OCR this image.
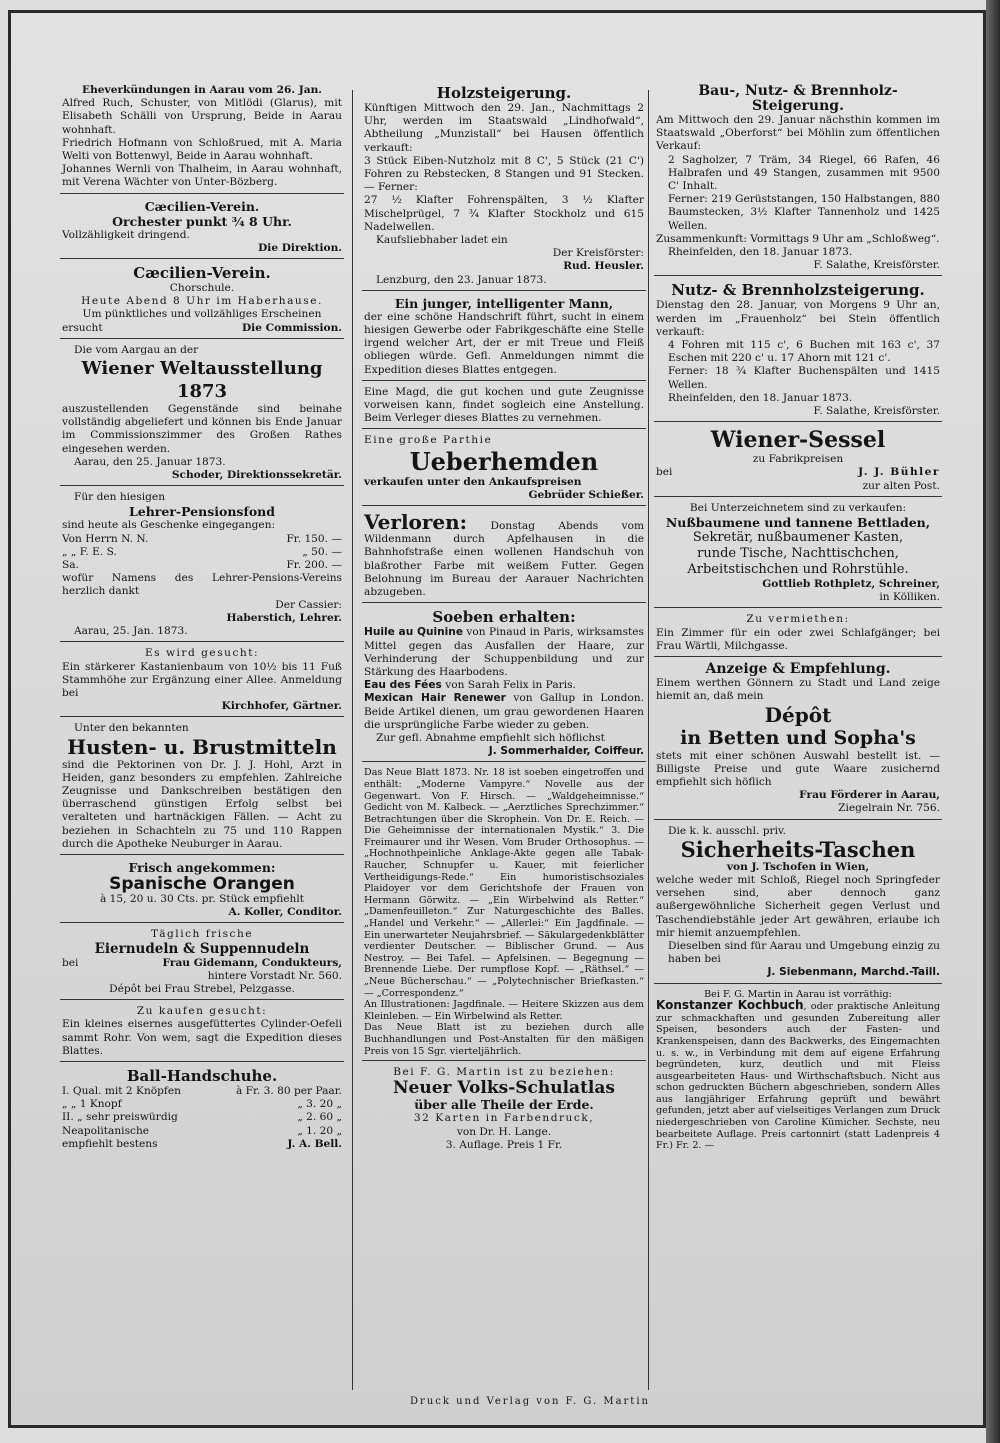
Eheverkündungen in Aarau vom 26. Jan.
Alfred Ruch, Schuster, von Mitlödi (Glarus), mit Elisabeth Schälli von Ursprung, Beide in Aarau wohnhaft.
Friedrich Hofmann von Schloßrued, mit A. Maria Welti von Bottenwyl, Beide in Aarau wohnhaft.
Johannes Wernli von Thalheim, in Aarau wohnhaft, mit Verena Wächter von Unter-Bözberg.
Cæcilien-Verein.
Orchester punkt ¾ 8 Uhr.
Vollzähligkeit dringend.
Die Direktion.
Cæcilien-Verein.
Chorschule.
Heute Abend 8 Uhr im Haberhause.
Um pünktliches und vollzähliges Erscheinen
ersucht	Die Commission.
Die vom Aargau an der
Wiener Weltausstellung 1873
auszustellenden Gegenstände sind beinahe vollständig abgeliefert und können bis Ende Januar im Commissionszimmer des Großen Rathes eingesehen werden.
Aarau, den 25. Januar 1873.
Schoder, Direktionssekretär.
Für den hiesigen
Lehrer-Pensionsfond
sind heute als Geschenke eingegangen:
Von Herrn N. N.	Fr. 150. —
„ „ F. E. S.	„ 50. —
Sa.	Fr. 200. —
wofür Namens des Lehrer-Pensions-Vereins herzlich dankt
Der Cassier:
Haberstich, Lehrer.
Aarau, 25. Jan. 1873.
Es wird gesucht:
Ein stärkerer Kastanienbaum von 10½ bis 11 Fuß Stammhöhe zur Ergänzung einer Allee. Anmeldung bei
Kirchhofer, Gärtner.
Unter den bekannten
Husten- u. Brustmitteln
sind die Pektorinen von Dr. J. J. Hohl, Arzt in Heiden, ganz besonders zu empfehlen. Zahlreiche Zeugnisse und Dankschreiben bestätigen den überraschend günstigen Erfolg selbst bei veralteten und hartnäckigen Fällen. — Acht zu beziehen in Schachteln zu 75 und 110 Rappen durch die Apotheke Neuburger in Aarau.
Frisch angekommen:
Spanische Orangen
à 15, 20 u. 30 Cts. pr. Stück empfiehlt
A. Koller, Conditor.
Täglich frische
Eiernudeln & Suppennudeln
bei	Frau Gidemann, Condukteurs,
hintere Vorstadt Nr. 560.
Dépôt bei Frau Strebel, Pelzgasse.
Zu kaufen gesucht:
Ein kleines eisernes ausgefüttertes Cylinder-Oefeli sammt Rohr. Von wem, sagt die Expedition dieses Blattes.
Ball-Handschuhe.
I. Qual. mit 2 Knöpfen	à Fr. 3. 80 per Paar.
„ „ 1 Knopf	„ 3. 20 „
II. „ sehr preiswürdig	„ 2. 60 „
Neapolitanische	„ 1. 20 „
empfiehlt bestens	J. A. Bell.
Holzsteigerung.
Künftigen Mittwoch den 29. Jan., Nachmittags 2 Uhr, werden im Staatswald „Lindhofwald“, Abtheilung „Munzistall“ bei Hausen öffentlich verkauft:
3 Stück Eiben-Nutzholz mit 8 C', 5 Stück (21 C') Fohren zu Rebstecken, 8 Stangen und 91 Stecken. — Ferner:
27 ½ Klafter Fohrenspälten, 3 ½ Klafter Mischelprügel, 7 ¾ Klafter Stockholz und 615 Nadelwellen.
Kaufsliebhaber ladet ein
Der Kreisförster:
Rud. Heusler.
Lenzburg, den 23. Januar 1873.
Ein junger, intelligenter Mann,
der eine schöne Handschrift führt, sucht in einem hiesigen Gewerbe oder Fabrikgeschäfte eine Stelle irgend welcher Art, der er mit Treue und Fleiß obliegen würde. Gefl. Anmeldungen nimmt die Expedition dieses Blattes entgegen.
Eine Magd, die gut kochen und gute Zeugnisse vorweisen kann, findet sogleich eine Anstellung. Beim Verleger dieses Blattes zu vernehmen.
Eine große Parthie
Ueberhemden
verkaufen unter den Ankaufspreisen
Gebrüder Schießer.
Verloren: Donstag Abends vom Wildenmann durch Apfelhausen in die Bahnhofstraße einen wollenen Handschuh von blaßrother Farbe mit weißem Futter. Gegen Belohnung im Bureau der Aarauer Nachrichten abzugeben.
Soeben erhalten:
Huile au Quinine von Pinaud in Paris, wirksamstes Mittel gegen das Ausfallen der Haare, zur Verhinderung der Schuppenbildung und zur Stärkung des Haarbodens.
Eau des Fées von Sarah Felix in Paris.
Mexican Hair Renewer von Gallup in London. Beide Artikel dienen, um grau gewordenen Haaren die ursprüngliche Farbe wieder zu geben.
Zur gefl. Abnahme empfiehlt sich höflichst
J. Sommerhalder, Coiffeur.
Das Neue Blatt 1873. Nr. 18 ist soeben eingetroffen und enthält: „Moderne Vampyre.“ Novelle aus der Gegenwart. Von F. Hirsch. — „Waldgeheimnisse.“ Gedicht von M. Kalbeck. — „Aerztliches Sprechzimmer.“ Betrachtungen über die Skrophein. Von Dr. E. Reich. — Die Geheimnisse der internationalen Mystik.“ 3. Die Freimaurer und ihr Wesen. Vom Bruder Orthosophus. — „Hochnothpeinliche Anklage-Akte gegen alle Tabak-Raucher, Schnupfer u. Kauer, mit feierlicher Vertheidigungs-Rede.“ Ein humoristischsoziales Plaidoyer vor dem Gerichtshofe der Frauen von Hermann Görwitz. — „Ein Wirbelwind als Retter.“ „Damenfeuilleton.“ Zur Naturgeschichte des Balles. „Handel und Verkehr.“ — „Allerlei:“ Ein Jagdfinale. — Ein unerwarteter Neujahrsbrief. — Säkulargedenkblätter verdienter Deutscher. — Biblischer Grund. — Aus Nestroy. — Bei Tafel. — Apfelsinen. — Begegnung — Brennende Liebe. Der rumpflose Kopf. — „Räthsel.“ — „Neue Bücherschau.“ — „Polytechnischer Briefkasten.“ — „Correspondenz.“
An Illustrationen: Jagdfinale. — Heitere Skizzen aus dem Kleinleben. — Ein Wirbelwind als Retter.
Das Neue Blatt ist zu beziehen durch alle Buchhandlungen und Post-Anstalten für den mäßigen Preis von 15 Sgr. vierteljährlich.
Bei F. G. Martin ist zu beziehen:
Neuer Volks-Schulatlas
über alle Theile der Erde.
32 Karten in Farbendruck,
von Dr. H. Lange.
3. Auflage. Preis 1 Fr.
Bau-, Nutz- & Brennholz-
Steigerung.
Am Mittwoch den 29. Januar nächsthin kommen im Staatswald „Oberforst“ bei Möhlin zum öffentlichen Verkauf:
2 Sagholzer, 7 Träm, 34 Riegel, 66 Rafen, 46 Halbrafen und 49 Stangen, zusammen mit 9500 C' Inhalt.
Ferner: 219 Gerüststangen, 150 Halbstangen, 880 Baumstecken, 3½ Klafter Tannenholz und 1425 Wellen.
Zusammenkunft: Vormittags 9 Uhr am „Schloßweg“.
Rheinfelden, den 18. Januar 1873.
F. Salathe, Kreisförster.
Nutz- & Brennholzsteigerung.
Dienstag den 28. Januar, von Morgens 9 Uhr an, werden im „Frauenholz“ bei Stein öffentlich verkauft:
4 Fohren mit 115 c', 6 Buchen mit 163 c', 37 Eschen mit 220 c' u. 17 Ahorn mit 121 c'.
Ferner: 18 ¾ Klafter Buchenspälten und 1415 Wellen.
Rheinfelden, den 18. Januar 1873.
F. Salathe, Kreisförster.
Wiener-Sessel
zu Fabrikpreisen
bei	J. J. Bühler
zur alten Post.
Bei Unterzeichnetem sind zu verkaufen:
Nußbaumene und tannene Bettladen,
Sekretär, nußbaumener Kasten,
runde Tische, Nachttischchen, Arbeitstischchen und Rohrstühle.
Gottlieb Rothpletz, Schreiner,
in Kölliken.
Zu vermiethen:
Ein Zimmer für ein oder zwei Schlafgänger; bei Frau Wärtli, Milchgasse.
Anzeige & Empfehlung.
Einem werthen Gönnern zu Stadt und Land zeige hiemit an, daß mein
Dépôt
in Betten und Sopha's
stets mit einer schönen Auswahl bestellt ist. — Billigste Preise und gute Waare zusichernd empfiehlt sich höflich
Frau Förderer in Aarau,
Ziegelrain Nr. 756.
Die k. k. ausschl. priv.
Sicherheits-Taschen
von J. Tschofen in Wien,
welche weder mit Schloß, Riegel noch Springfeder versehen sind, aber dennoch ganz außergewöhnliche Sicherheit gegen Verlust und Taschendiebstähle jeder Art gewähren, erlaube ich mir hiemit anzuempfehlen.
Dieselben sind für Aarau und Umgebung einzig zu haben bei
J. Siebenmann, Marchd.-Taill.
Bei F. G. Martin in Aarau ist vorräthig:
Konstanzer Kochbuch, oder praktische Anleitung zur schmackhaften und gesunden Zubereitung aller Speisen, besonders auch der Fasten- und Krankenspeisen, dann des Backwerks, des Eingemachten u. s. w., in Verbindung mit dem auf eigene Erfahrung begründeten, kurz, deutlich und mit Fleiss ausgearbeiteten Haus- und Wirthschaftsbuch. Nicht aus schon gedruckten Büchern abgeschrieben, sondern Alles aus langjähriger Erfahrung geprüft und bewährt gefunden, jetzt aber auf vielseitiges Verlangen zum Druck niedergeschrieben von Caroline Kümicher. Sechste, neu bearbeitete Auflage. Preis cartonnirt (statt Ladenpreis 4 Fr.) Fr. 2. —
Druck und Verlag von F. G. Martin
